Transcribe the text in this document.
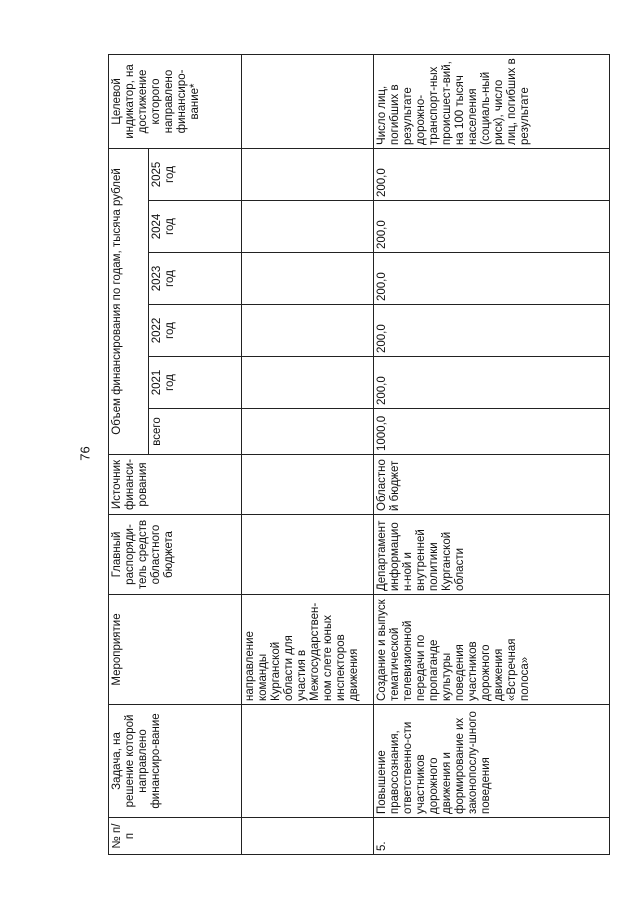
76
№ п/п	Задача, на решение которой направлено финансиро-вание	Мероприятие	Главный распоряди-тель средств областного бюджета	Источник финанси-рования	Объем финансирования по годам, тысяча рублей						Целевой индикатор, на достижение которого направлено финансиро-вание*
					всего	2021 год	2022 год	2023 год	2024 год	2025 год	
		направление команды Курганской области для участия в Межгосударствен-ном слете юных инспекторов движения									
5.	Повышение правосознания, ответственно-сти участников дорожного движения и формирование их законопослу-шного поведения	Создание и выпуск тематической телевизионной передачи по пропаганде культуры поведения участников дорожного движения «Встречная полоса»	Департамент информацион-ной и внутренней политики Курганской области	Областной бюджет	1000,0	200,0	200,0	200,0	200,0	200,0	Число лиц, погибших в результате дорожно-транспорт-ных происшест-вий, на 100 тысяч населения (социаль-ный риск), число лиц, погибших в результате
